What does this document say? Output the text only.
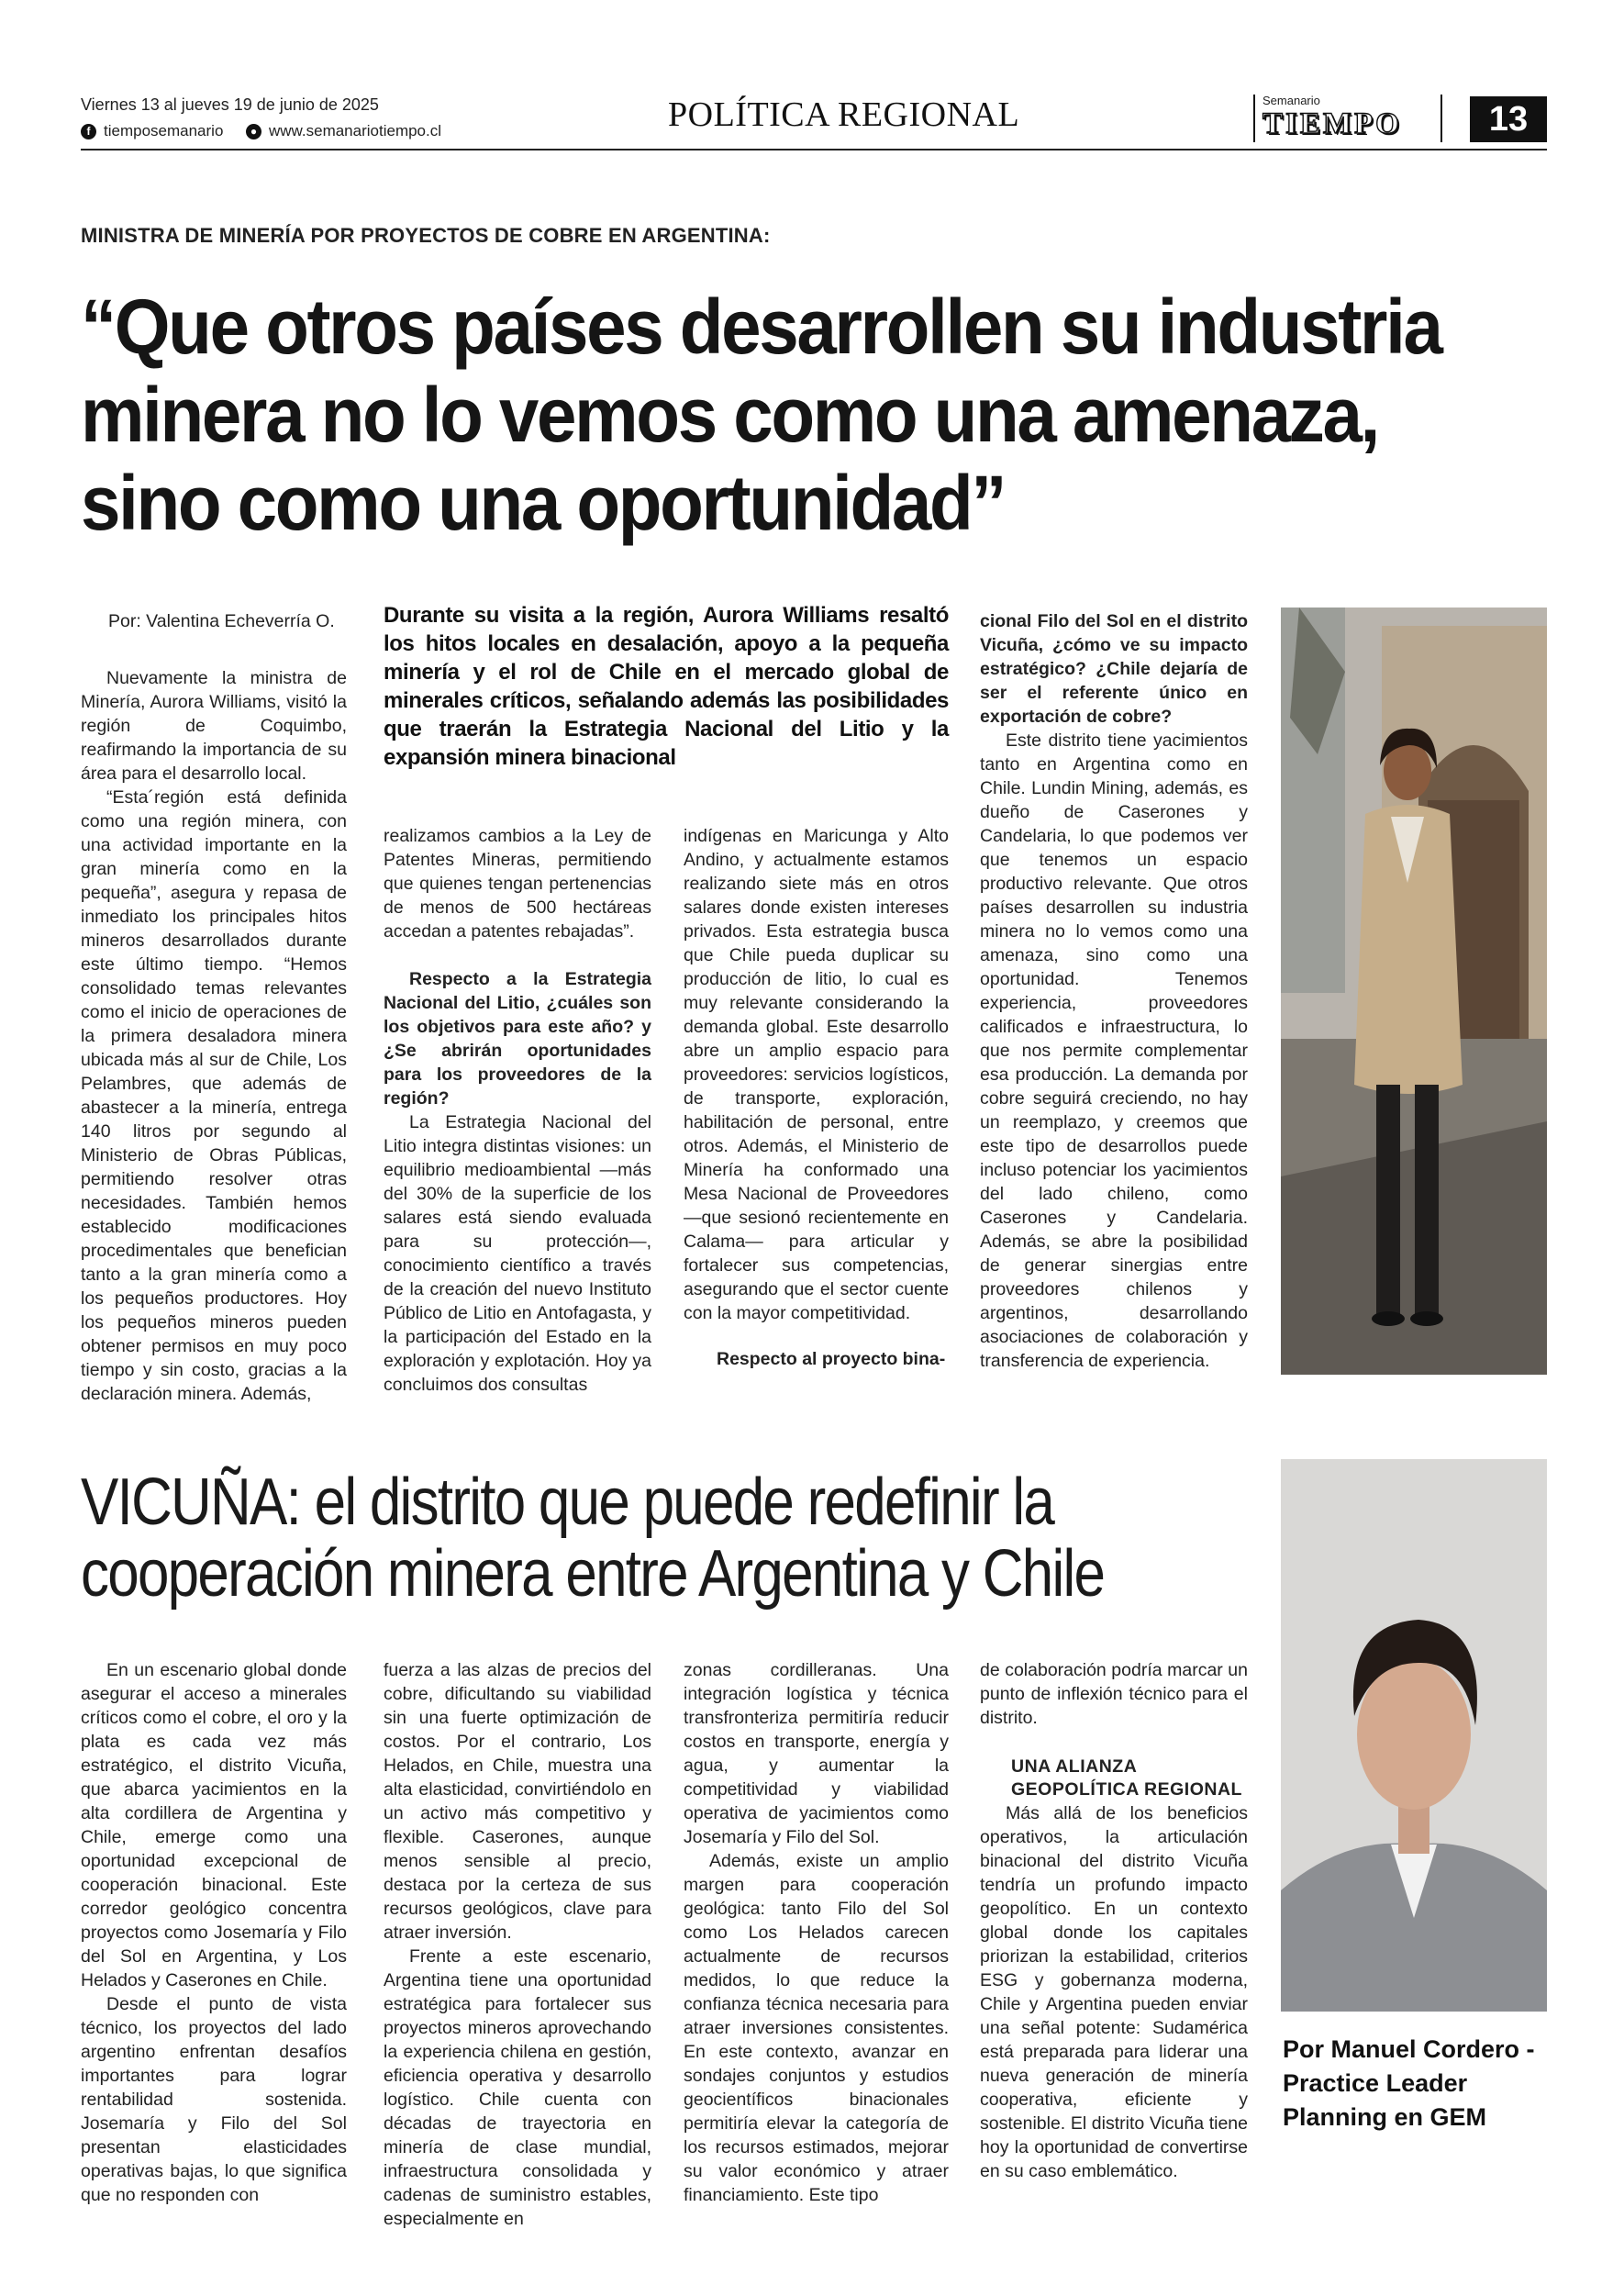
Viernes 13 al jueves 19 de junio de 2025
f tiemposemanario	● www.semanariotiempo.cl	POLÍTICA REGIONAL	Semanario
TIEMPO	13
MINISTRA DE MINERÍA POR PROYECTOS DE COBRE EN ARGENTINA:
“Que otros países desarrollen su industria
minera no lo vemos como una amenaza,
sino como una oportunidad”

Por: Valentina Echeverría O.

Nuevamente la ministra de Minería, Aurora Williams, visitó la región de Coquimbo, reafirmando la importancia de su área para el desarrollo local.

“Esta´región está definida como una región minera, con una actividad importante en la gran minería como en la pequeña”, asegura y repasa de inmediato los principales hitos mineros desarrollados durante este último tiempo. “Hemos consolidado temas relevantes como el inicio de operaciones de la primera desaladora minera ubicada más al sur de Chile, Los Pelambres, que además de abastecer a la minería, entrega 140 litros por segundo al Ministerio de Obras Públicas, permitiendo resolver otras necesidades. También hemos establecido modificaciones procedimentales que benefician tanto a la gran minería como a los pequeños productores. Hoy los pequeños mineros pueden obtener permisos en muy poco tiempo y sin costo, gracias a la declaración minera. Además,

Durante su visita a la región, Aurora Williams resaltó los hitos locales en desalación, apoyo a la pequeña minería y el rol de Chile en el mercado global de minerales críticos, señalando además las posibilidades que traerán la Estrategia Nacional del Litio y la expansión minera binacional

realizamos cambios a la Ley de Patentes Mineras, permitiendo que quienes tengan pertenencias de menos de 500 hectáreas accedan a patentes rebajadas”.

Respecto a la Estrategia Nacional del Litio, ¿cuáles son los objetivos para este año? y ¿Se abrirán oportunidades para los proveedores de la región?

La Estrategia Nacional del Litio integra distintas visiones: un equilibrio medioambiental —más del 30% de la superficie de los salares está siendo evaluada para su protección—, conocimiento científico a través de la creación del nuevo Instituto Público de Litio en Antofagasta, y la participación del Estado en la exploración y explotación. Hoy ya concluimos dos consultas

indígenas en Maricunga y Alto Andino, y actualmente estamos realizando siete más en otros salares donde existen intereses privados. Esta estrategia busca que Chile pueda duplicar su producción de litio, lo cual es muy relevante considerando la demanda global. Este desarrollo abre un amplio espacio para proveedores: servicios logísticos, de transporte, exploración, habilitación de personal, entre otros. Además, el Ministerio de Minería ha conformado una Mesa Nacional de Proveedores —que sesionó recientemente en Calama— para articular y fortalecer sus competencias, asegurando que el sector cuente con la mayor competitividad.

Respecto al proyecto bina-

cional Filo del Sol en el distrito Vicuña, ¿cómo ve su impacto estratégico? ¿Chile dejaría de ser el referente único en exportación de cobre?

Este distrito tiene yacimientos tanto en Argentina como en Chile. Lundin Mining, además, es dueño de Caserones y Candelaria, lo que podemos ver que tenemos un espacio productivo relevante. Que otros países desarrollen su industria minera no lo vemos como una amenaza, sino como una oportunidad. Tenemos experiencia, proveedores calificados e infraestructura, lo que nos permite complementar esa producción. La demanda por cobre seguirá creciendo, no hay un reemplazo, y creemos que este tipo de desarrollos puede incluso potenciar los yacimientos del lado chileno, como Caserones y Candelaria. Además, se abre la posibilidad de generar sinergias entre proveedores chilenos y argentinos, desarrollando asociaciones de colaboración y transferencia de experiencia.

VICUÑA: el distrito que puede redefinir la
cooperación minera entre Argentina y Chile

En un escenario global donde asegurar el acceso a minerales críticos como el cobre, el oro y la plata es cada vez más estratégico, el distrito Vicuña, que abarca yacimientos en la alta cordillera de Argentina y Chile, emerge como una oportunidad excepcional de cooperación binacional. Este corredor geológico concentra proyectos como Josemaría y Filo del Sol en Argentina, y Los Helados y Caserones en Chile.

Desde el punto de vista técnico, los proyectos del lado argentino enfrentan desafíos importantes para lograr rentabilidad sostenida. Josemaría y Filo del Sol presentan elasticidades operativas bajas, lo que significa que no responden con

fuerza a las alzas de precios del cobre, dificultando su viabilidad sin una fuerte optimización de costos. Por el contrario, Los Helados, en Chile, muestra una alta elasticidad, convirtiéndolo en un activo más competitivo y flexible. Caserones, aunque menos sensible al precio, destaca por la certeza de sus recursos geológicos, clave para atraer inversión.

Frente a este escenario, Argentina tiene una oportunidad estratégica para fortalecer sus proyectos mineros aprovechando la experiencia chilena en gestión, eficiencia operativa y desarrollo logístico. Chile cuenta con décadas de trayectoria en minería de clase mundial, infraestructura consolidada y cadenas de suministro estables, especialmente en

zonas cordilleranas. Una integración logística y técnica transfronteriza permitiría reducir costos en transporte, energía y agua, y aumentar la competitividad y viabilidad operativa de yacimientos como Josemaría y Filo del Sol.

Además, existe un amplio margen para cooperación geológica: tanto Filo del Sol como Los Helados carecen actualmente de recursos medidos, lo que reduce la confianza técnica necesaria para atraer inversiones consistentes. En este contexto, avanzar en sondajes conjuntos y estudios geocientíficos binacionales permitiría elevar la categoría de los recursos estimados, mejorar su valor económico y atraer financiamiento. Este tipo

de colaboración podría marcar un punto de inflexión técnico para el distrito.

UNA ALIANZA GEOPOLÍTICA REGIONAL

Más allá de los beneficios operativos, la articulación binacional del distrito Vicuña tendría un profundo impacto geopolítico. En un contexto global donde los capitales priorizan la estabilidad, criterios ESG y gobernanza moderna, Chile y Argentina pueden enviar una señal potente: Sudamérica está preparada para liderar una nueva generación de minería cooperativa, eficiente y sostenible. El distrito Vicuña tiene hoy la oportunidad de convertirse en su caso emblemático.

Por Manuel Cordero - Practice Leader Planning en GEM
